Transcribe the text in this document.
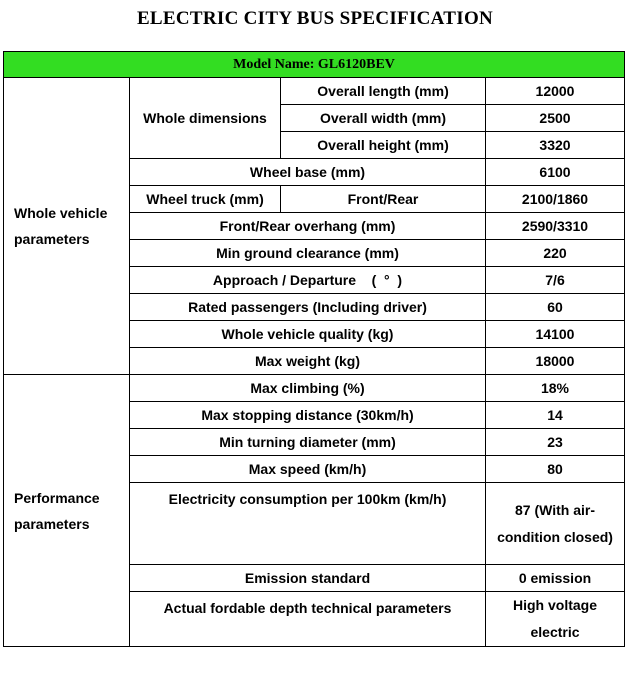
ELECTRIC CITY BUS SPECIFICATION
Model Name: GL6120BEV			
Whole vehicle parameters	Whole dimensions	Overall length (mm)	12000
		Overall width (mm)	2500
		Overall height (mm)	3320
	Wheel base (mm)		6100
	Wheel truck (mm)	Front/Rear	2100/1860
	Front/Rear overhang (mm)		2590/3310
	Min ground clearance (mm)		220
	Approach / Departure    (  °  )		7/6
	Rated passengers (Including driver)		60
	Whole vehicle quality (kg)		14100
	Max weight (kg)		18000
Performance parameters	Max climbing (%)		18%
	Max stopping distance (30km/h)		14
	Min turning diameter (mm)		23
	Max speed (km/h)		80
	Electricity consumption per 100km (km/h)		87 (With air-condition closed)
	Emission standard		0 emission
	Actual fordable depth technical parameters		High voltage electric
